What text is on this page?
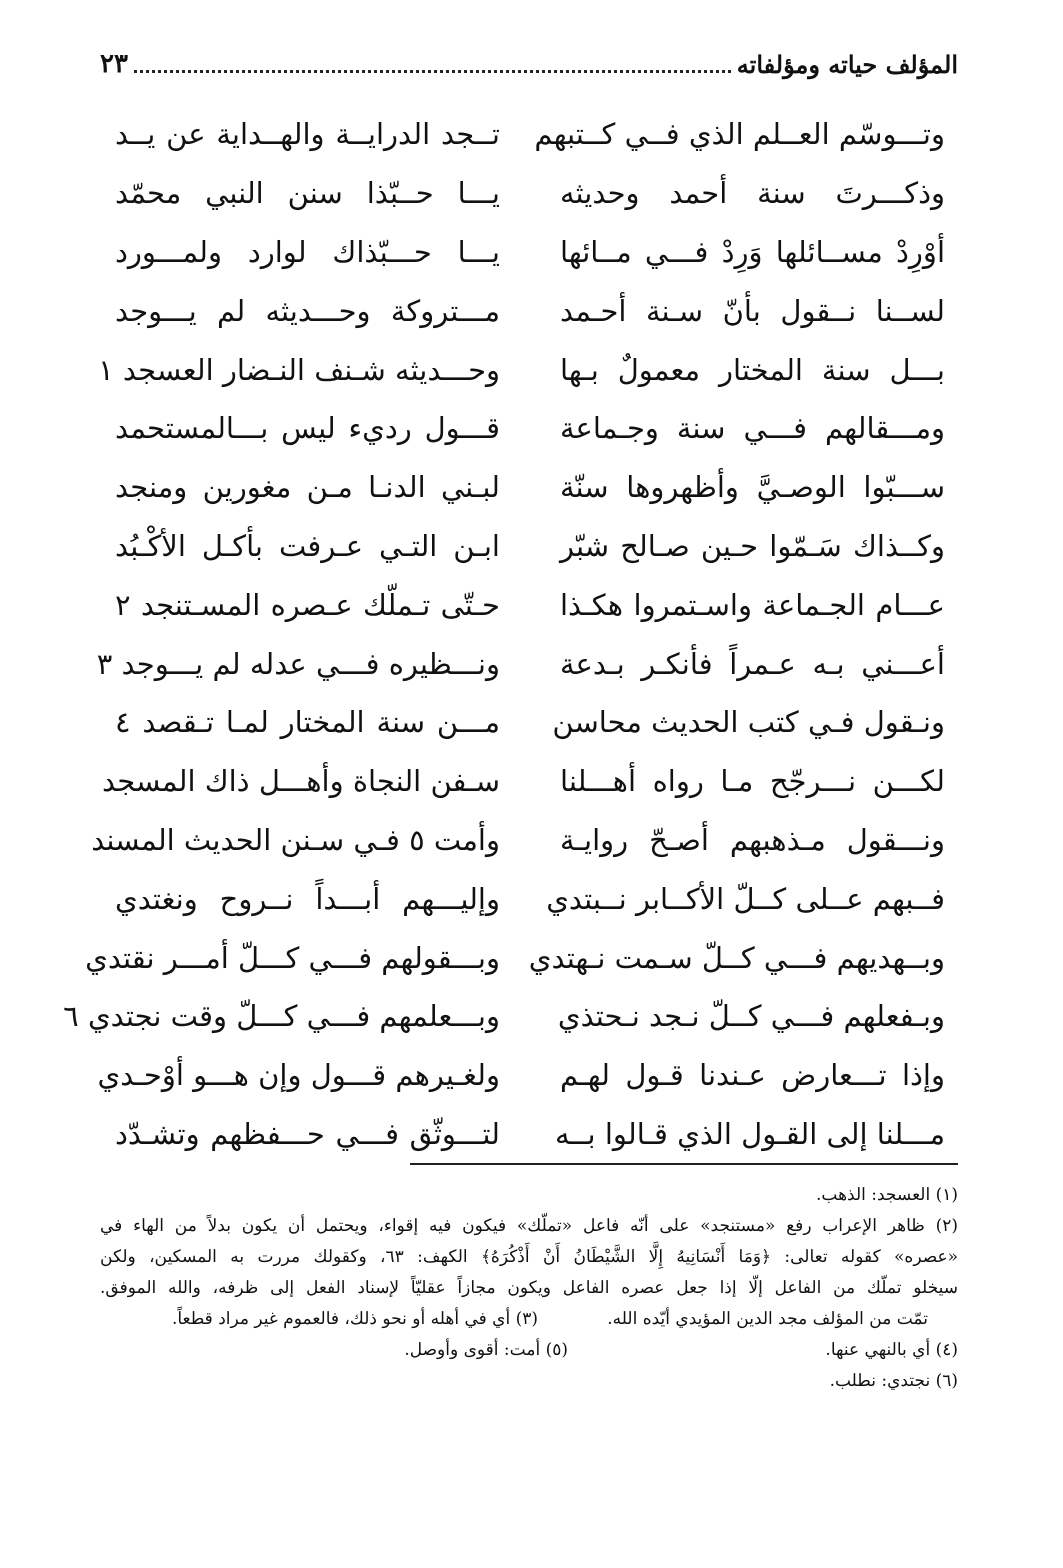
المؤلف حياته ومؤلفاته
٢٣
وتـــوسّم العــلم الذي فــي كــتبهم
تــجد الدرايــة والهــداية عن يــد
وذكـــرتَ سنة أحمد وحديثه
يـــا حــبّذا سنن النبي محمّد
أوْرِدْ مســائلها وَرِدْ فـــي مــائها
يـــا حـــبّذاك لوارد ولمـــورد
لســنا نــقول بأنّ سـنة أحـمد
مـــتروكة وحـــديثه لم يـــوجد
بـــل سنة المختار معمولٌ بـها
وحـــديثه شـنف النـضار العسجد ١
ومـــقالهم فـــي سنة وجـماعة
قـــول رديء ليس بـــالمستحمد
ســـبّوا الوصـيَّ وأظهروها سنّة
لبـني الدنـا مـن مغورين ومنجد
وكــذاك سَـمّوا حـين صـالح شبّر
ابـن التـي عـرفت بأكـل الأكْـبُد
عـــام الجـماعة واسـتمروا هكـذا
حـتّى تـملّك عـصره المسـتنجد ٢
أعـــني بـه عـمراً فأنكـر بـدعة
ونـــظيره فـــي عدله لم يـــوجد ٣
ونـقول فـي كتب الحديث محاسن
مـــن سنة المختار لمـا تـقصد ٤
لكـــن نـــرجّح مـا رواه أهـــلنا
سـفن النجاة وأهـــل ذاك المسجد
ونـــقول مـذهبهم أصـحّ روايـة
وأمت ٥ فـي سـنن الحديث المسند
فــبهم عــلى كــلّ الأكــابر نــبتدي
وإليـــهم أبـــداً نــروح ونغتدي
وبــهديهم فـــي كــلّ سـمت نـهتدي
وبـــقولهم فـــي كـــلّ أمـــر نقتدي
وبـفعلهم فـــي كــلّ نـجد نـحتذي
وبـــعلمهم فـــي كـــلّ وقت نجتدي ٦
وإذا تـــعارض عـندنا قـول لهـم
ولغـيرهم قـــول وإن هـــو أوْحـدي
مـــلنا إلى القـول الذي قـالوا بــه
لتـــوثّق فـــي حـــفظهم وتشـدّد
(١) العسجد: الذهب.
(٢) ظاهر الإعراب رفع «مستنجد» على أنّه فاعل «تملّك» فيكون فيه إقواء، ويحتمل أن يكون بدلاً من الهاء في
«عصره» كقوله تعالى: ﴿وَمَا أَنْسَانِيهُ إِلَّا الشَّيْطَانُ أَنْ أَذْكُرَهُ﴾ الكهف: ٦٣، وكقولك مررت به المسكين، ولكن
سيخلو تملّك من الفاعل إلّا إذا جعل عصره الفاعل ويكون مجازاً عقليّاً لإسناد الفعل إلى ظرفه، والله الموفق.
تمّت من المؤلف مجد الدين المؤيدي أيّده الله.
(٣) أي في أهله أو نحو ذلك، فالعموم غير مراد قطعاً.
(٤) أي بالنهي عنها.
(٥) أمت: أقوى وأوصل.
(٦) نجتدي: نطلب.
